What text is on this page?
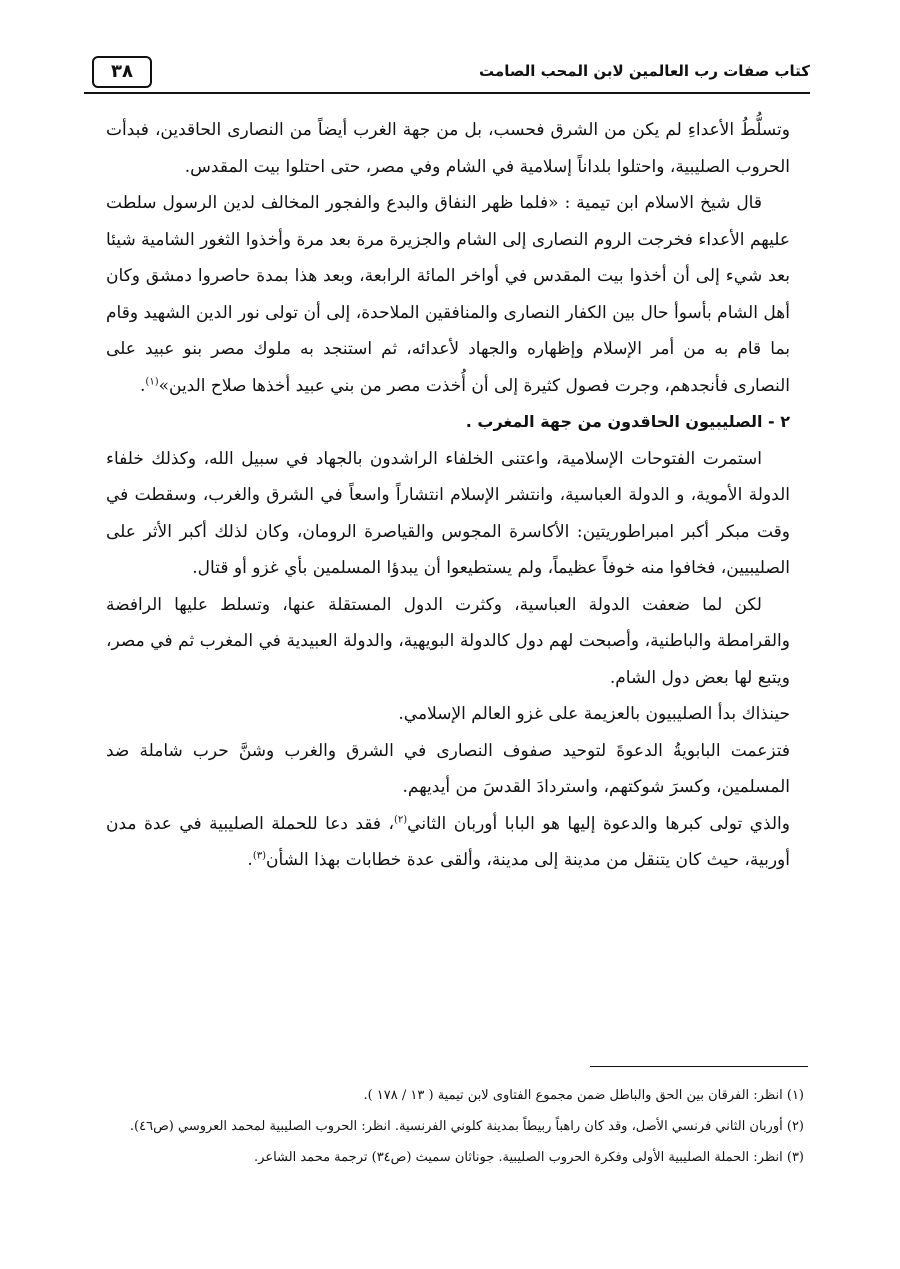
كتاب صفات رب العالمين لابن المحب الصامت
٣٨

وتسلُّطُ الأعداءِ لم يكن من الشرق فحسب، بل من جهة الغرب أيضاً من النصارى الحاقدين، فبدأت الحروب الصليبية، واحتلوا بلداناً إسلامية في الشام وفي مصر، حتى احتلوا بيت المقدس.

قال شيخ الاسلام ابن تيمية : «فلما ظهر النفاق والبدع والفجور المخالف لدين الرسول سلطت عليهم الأعداء فخرجت الروم النصارى إلى الشام والجزيرة مرة بعد مرة وأخذوا الثغور الشامية شيئا بعد شيء إلى أن أخذوا بيت المقدس في أواخر المائة الرابعة، وبعد هذا بمدة حاصروا دمشق وكان أهل الشام بأسوأ حال بين الكفار النصارى والمنافقين الملاحدة، إلى أن تولى نور الدين الشهيد وقام بما قام به من أمر الإسلام وإظهاره والجهاد لأعدائه، ثم استنجد به ملوك مصر بنو عبيد على النصارى فأنجدهم، وجرت فصول كثيرة إلى أن أُخذت مصر من بني عبيد أخذها صلاح الدين»$^{(١)}$.

٢ - الصليبيون الحاقدون من جهة المغرب .

استمرت الفتوحات الإسلامية، واعتنى الخلفاء الراشدون بالجهاد في سبيل الله، وكذلك خلفاء الدولة الأموية، و الدولة العباسية، وانتشر الإسلام انتشاراً واسعاً في الشرق والغرب، وسقطت في وقت مبكر أكبر امبراطوريتين: الأكاسرة المجوس والقياصرة الرومان، وكان لذلك أكبر الأثر على الصليبيين، فخافوا منه خوفاً عظيماً، ولم يستطيعوا أن يبدؤا المسلمين بأي غزو أو قتال.

لكن لما ضعفت الدولة العباسية، وكثرت الدول المستقلة عنها، وتسلط عليها الرافضة والقرامطة والباطنية، وأصبحت لهم دول كالدولة البويهية، والدولة العبيدية في المغرب ثم في مصر، ويتبع لها بعض دول الشام.

حينذاك بدأ الصليبيون بالعزيمة على غزو العالم الإسلامي.

فتزعمت البابويةُ الدعوةَ لتوحيد صفوف النصارى في الشرق والغرب وشنَّ حرب شاملة ضد المسلمين، وكسرَ شوكتهم، واستردادَ القدسَ من أيديهم.

والذي تولى كبرها والدعوة إليها هو البابا أوربان الثاني$^{(٢)}$، فقد دعا للحملة الصليبية في عدة مدن أوربية، حيث كان يتنقل من مدينة إلى مدينة، وألقى عدة خطابات بهذا الشأن$^{(٣)}$.

(١) انظر: الفرقان بين الحق والباطل ضمن مجموع الفتاوى لابن تيمية ( ١٣ / ١٧٨ ).

(٢) أوربان الثاني فرنسي الأصل، وقد كان راهباً ربيطاً بمدينة كلوني الفرنسية. انظر: الحروب الصليبية لمحمد العروسي (ص٤٦).

(٣) انظر: الحملة الصليبية الأولى وفكرة الحروب الصليبية. جوناثان سميث (ص٣٤) ترجمة محمد الشاعر.
